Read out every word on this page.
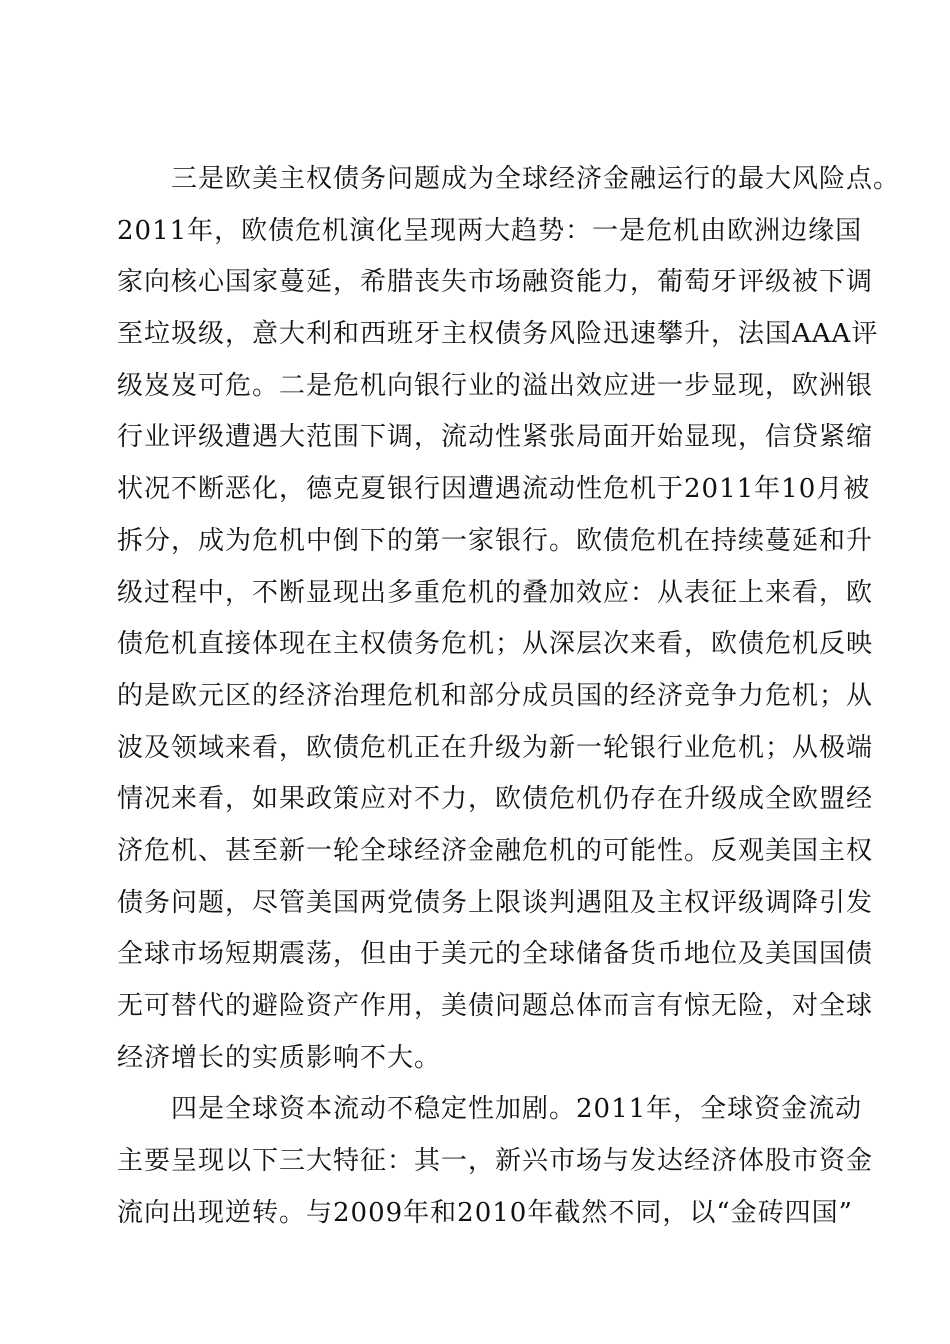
三是欧美主权债务问题成为全球经济金融运行的最大风险点。
2011年，欧债危机演化呈现两大趋势：一是危机由欧洲边缘国
家向核心国家蔓延，希腊丧失市场融资能力，葡萄牙评级被下调
至垃圾级，意大利和西班牙主权债务风险迅速攀升，法国AAA评
级岌岌可危。二是危机向银行业的溢出效应进一步显现，欧洲银
行业评级遭遇大范围下调，流动性紧张局面开始显现，信贷紧缩
状况不断恶化，德克夏银行因遭遇流动性危机于2011年10月被
拆分，成为危机中倒下的第一家银行。欧债危机在持续蔓延和升
级过程中，不断显现出多重危机的叠加效应：从表征上来看，欧
债危机直接体现在主权债务危机；从深层次来看，欧债危机反映
的是欧元区的经济治理危机和部分成员国的经济竞争力危机；从
波及领域来看，欧债危机正在升级为新一轮银行业危机；从极端
情况来看，如果政策应对不力，欧债危机仍存在升级成全欧盟经
济危机、甚至新一轮全球经济金融危机的可能性。反观美国主权
债务问题，尽管美国两党债务上限谈判遇阻及主权评级调降引发
全球市场短期震荡，但由于美元的全球储备货币地位及美国国债
无可替代的避险资产作用，美债问题总体而言有惊无险，对全球
经济增长的实质影响不大。
四是全球资本流动不稳定性加剧。2011年，全球资金流动
主要呈现以下三大特征：其一，新兴市场与发达经济体股市资金
流向出现逆转。与2009年和2010年截然不同，以“金砖四国”
